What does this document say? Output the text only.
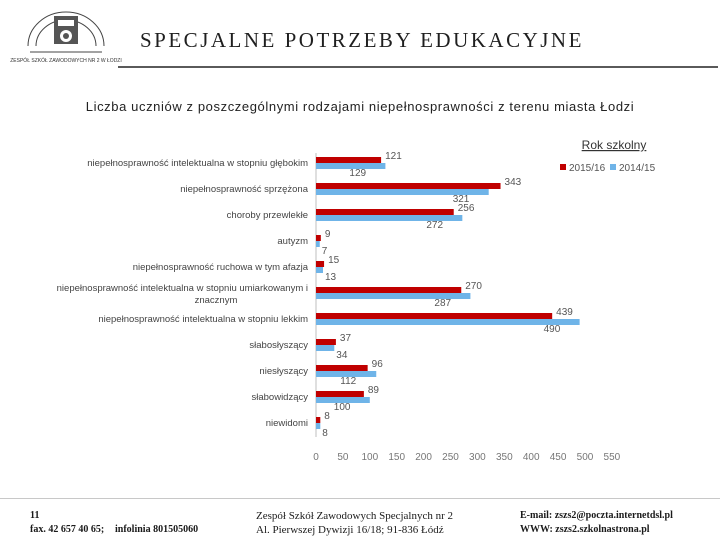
ZESPÓŁ SZKÓŁ ZAWODOWYCH NR 2 W ŁODZI
SPECJALNE POTRZEBY EDUKACYJNE
Liczba uczniów z poszczególnymi rodzajami niepełnosprawności z terenu miasta Łodzi
niepełnosprawność intelektualna w stopniu głębokim
niepełnosprawność sprzężona
choroby przewlekłe
autyzm
niepełnosprawność ruchowa w tym afazja
niepełnosprawność intelektualna w stopniu umiarkowanym i
znacznym
niepełnosprawność intelektualna w stopniu lekkim
słabosłyszący
niesłyszący
słabowidzący
niewidomi
121
343
256
9
15
270
439
37
96
89
8
129
321
272
7
13
287
490
34
112
100
8
0 50 100 150 200 250 300 350 400 450 500 550
Rok szkolny
2015/16 2014/15
11
fax. 42 657 40 65; infolinia 801505060
Zespół Szkół Zawodowych Specjalnych nr 2
Al. Pierwszej Dywizji 16/18; 91-836 Łódź
E-mail: zszs2@poczta.internetdsl.pl
WWW: zszs2.szkolnastrona.pl
